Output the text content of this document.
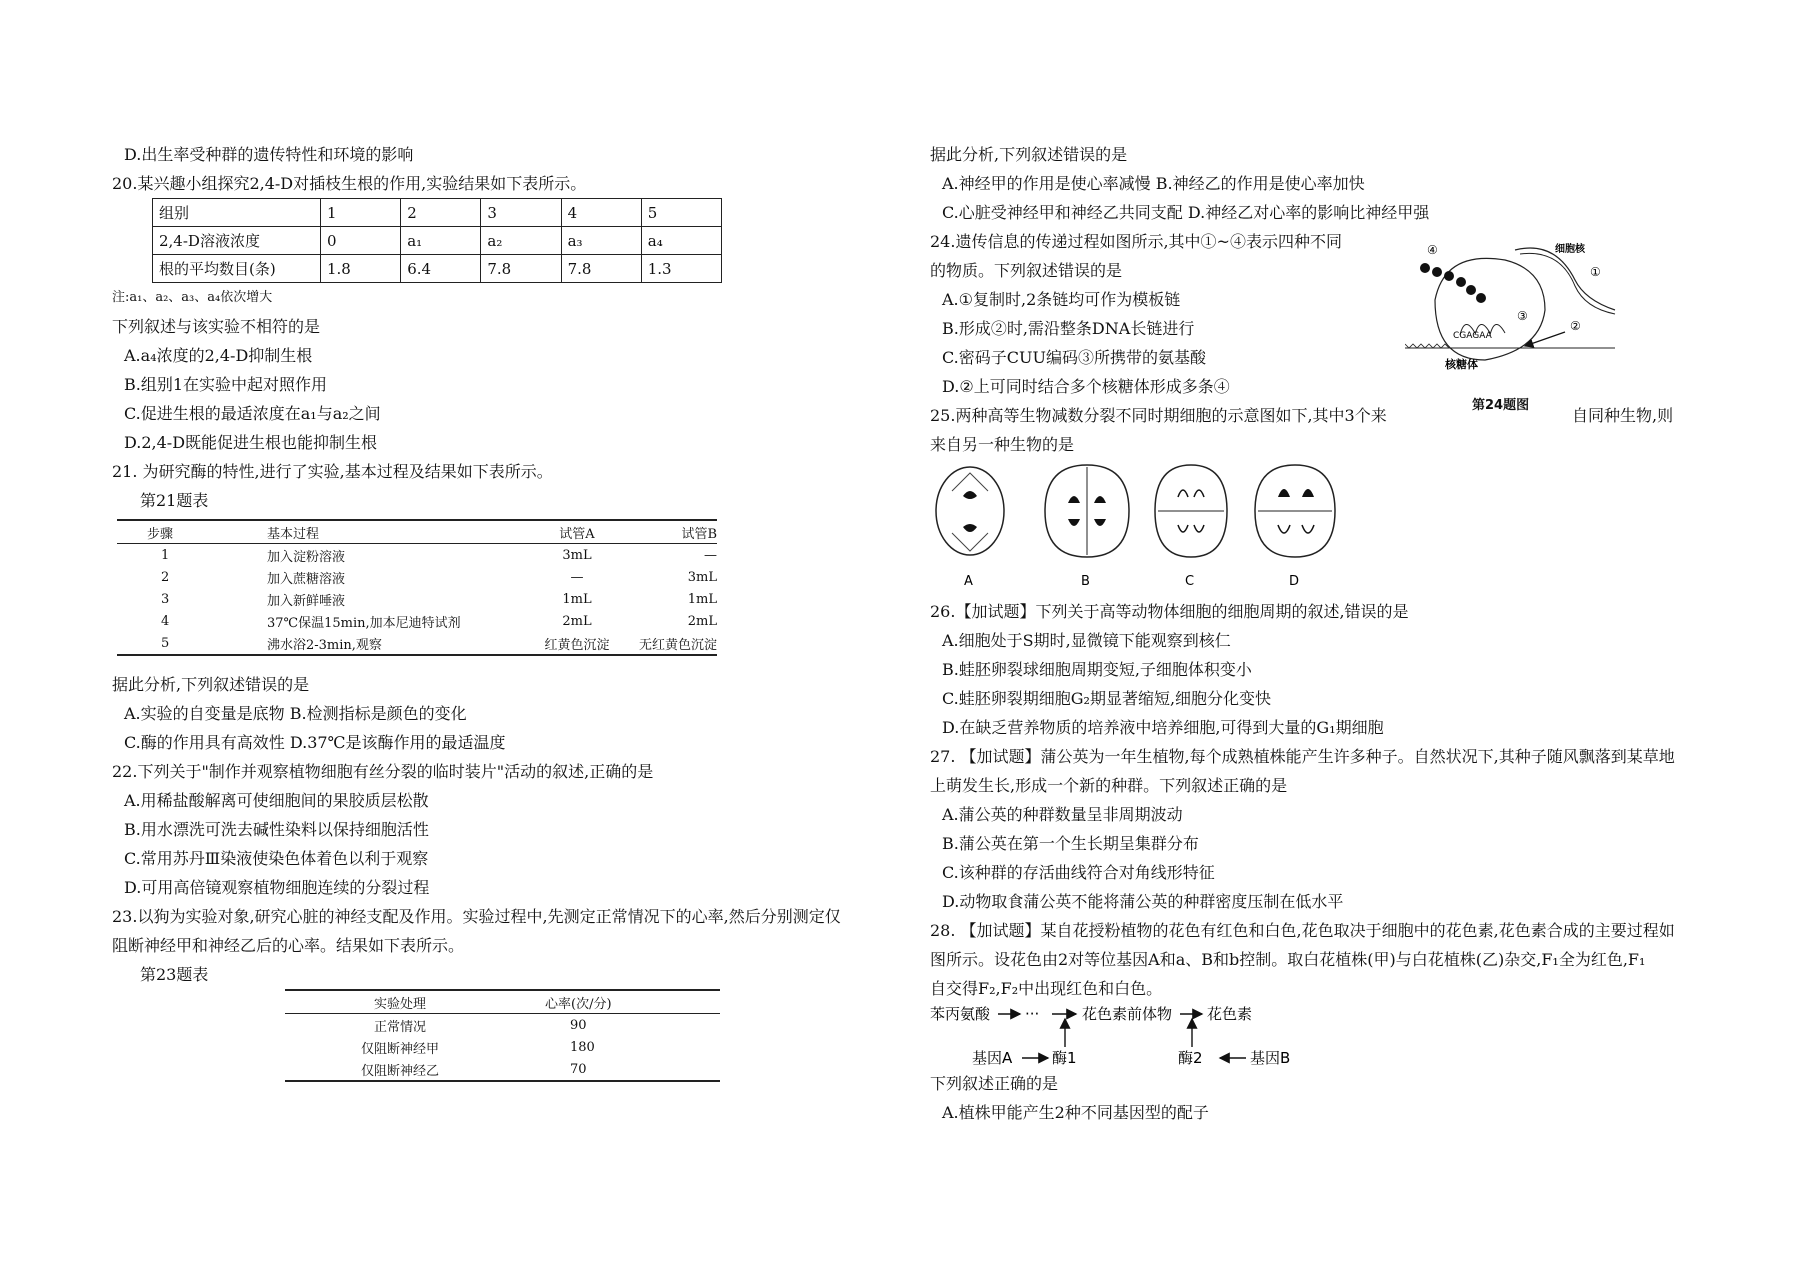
D.出生率受种群的遗传特性和环境的影响
20.某兴趣小组探究2,4-D对插枝生根的作用,实验结果如下表所示。
组别	1	2	3	4	5
2,4-D溶液浓度	0	a₁	a₂	a₃	a₄
根的平均数目(条)	1.8	6.4	7.8	7.8	1.3
注:a₁、a₂、a₃、a₄依次增大
下列叙述与该实验不相符的是
A.a₄浓度的2,4-D抑制生根
B.组别1在实验中起对照作用
C.促进生根的最适浓度在a₁与a₂之间
D.2,4-D既能促进生根也能抑制生根
21. 为研究酶的特性,进行了实验,基本过程及结果如下表所示。
第21题表
步骤	基本过程	试管A	试管B
1	加入淀粉溶液	3mL	—
2	加入蔗糖溶液	—	3mL
3	加入新鲜唾液	1mL	1mL
4	37℃保温15min,加本尼迪特试剂	2mL	2mL
5	沸水浴2-3min,观察	红黄色沉淀	无红黄色沉淀
据此分析,下列叙述错误的是
A.实验的自变量是底物 B.检测指标是颜色的变化
C.酶的作用具有高效性 D.37℃是该酶作用的最适温度
22.下列关于"制作并观察植物细胞有丝分裂的临时装片"活动的叙述,正确的是
A.用稀盐酸解离可使细胞间的果胶质层松散
B.用水漂洗可洗去碱性染料以保持细胞活性
C.常用苏丹Ⅲ染液使染色体着色以利于观察
D.可用高倍镜观察植物细胞连续的分裂过程
23.以狗为实验对象,研究心脏的神经支配及作用。实验过程中,先测定正常情况下的心率,然后分别测定仅
阻断神经甲和神经乙后的心率。结果如下表所示。
第23题表
实验处理	心率(次/分)
正常情况	90
仅阻断神经甲	180
仅阻断神经乙	70
据此分析,下列叙述错误的是
A.神经甲的作用是使心率减慢 B.神经乙的作用是使心率加快
C.心脏受神经甲和神经乙共同支配 D.神经乙对心率的影响比神经甲强
24.遗传信息的传递过程如图所示,其中①~④表示四种不同
的物质。下列叙述错误的是
A.①复制时,2条链均可作为模板链
B.形成②时,需沿整条DNA长链进行
C.密码子CUU编码③所携带的氨基酸
D.②上可同时结合多个核糖体形成多条④
25.两种高等生物减数分裂不同时期细胞的示意图如下,其中3个来	自同种生物,则
来自另一种生物的是
A	B	C	D
26.【加试题】下列关于高等动物体细胞的细胞周期的叙述,错误的是
A.细胞处于S期时,显微镜下能观察到核仁
B.蛙胚卵裂球细胞周期变短,子细胞体积变小
C.蛙胚卵裂期细胞G₂期显著缩短,细胞分化变快
D.在缺乏营养物质的培养液中培养细胞,可得到大量的G₁期细胞
27. 【加试题】蒲公英为一年生植物,每个成熟植株能产生许多种子。自然状况下,其种子随风飘落到某草地
上萌发生长,形成一个新的种群。下列叙述正确的是
A.蒲公英的种群数量呈非周期波动
B.蒲公英在第一个生长期呈集群分布
C.该种群的存活曲线符合对角线形特征
D.动物取食蒲公英不能将蒲公英的种群密度压制在低水平
28. 【加试题】某自花授粉植物的花色有红色和白色,花色取决于细胞中的花色素,花色素合成的主要过程如
图所示。设花色由2对等位基因A和a、B和b控制。取白花植株(甲)与白花植株(乙)杂交,F₁全为红色,F₁
自交得F₂,F₂中出现红色和白色。
苯丙氨酸 ···	花色素前体物 花色素
基因A	酶1	酶2	基因B
下列叙述正确的是
A.植株甲能产生2种不同基因型的配子
④
CGAGAA
核糖体
细胞核
①
③
②
第24题图
